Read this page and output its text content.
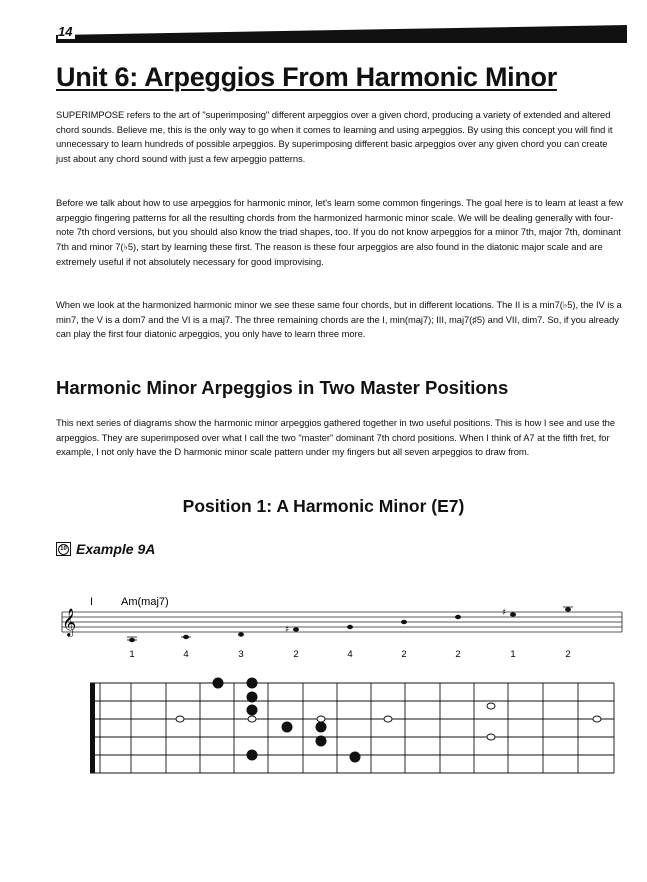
14
Unit 6: Arpeggios From Harmonic Minor

SUPERIMPOSE refers to the art of "superimposing" different arpeggios over a given chord, producing a variety of extended and altered chord sounds. Believe me, this is the only way to go when it comes to learning and using arpeggios. By using this concept you will find it unnecessary to learn hundreds of possible arpeggios. By superimposing different basic arpeggios over any given chord you can create just about any chord sound with just a few arpeggio patterns.

Before we talk about how to use arpeggios for harmonic minor, let's learn some common fingerings. The goal here is to learn at least a few arpeggio fingering patterns for all the resulting chords from the harmonized harmonic minor scale. We will be dealing generally with four-note 7th chord versions, but you should also know the triad shapes, too. If you do not know arpeggios for a minor 7th, major 7th, dominant 7th and minor 7(♭5), start by learning these first. The reason is these four arpeggios are also found in the diatonic major scale and are extremely useful if not absolutely necessary for good improvising.

When we look at the harmonized harmonic minor we see these same four chords, but in different locations. The II is a min7(♭5), the IV is a min7, the V is a dom7 and the VI is a maj7. The three remaining chords are the I, min(maj7); III, maj7(♯5) and VII, dim7. So, if you already can play the first four diatonic arpeggios, you only have to learn three more.

Harmonic Minor Arpeggios in Two Master Positions

This next series of diagrams show the harmonic minor arpeggios gathered together in two useful positions. This is how I see and use the arpeggios. They are superimposed over what I call the two "master" dominant 7th chord positions. When I think of A7 at the fifth fret, for example, I not only have the D harmonic minor scale pattern under my fingers but all seven arpeggios to draw from.

Position 1: A Harmonic Minor (E7)
10 Example 9A
I	Am(maj7)
𝄞	♯
♯
1	4	3	2	4	2	2	1	2
